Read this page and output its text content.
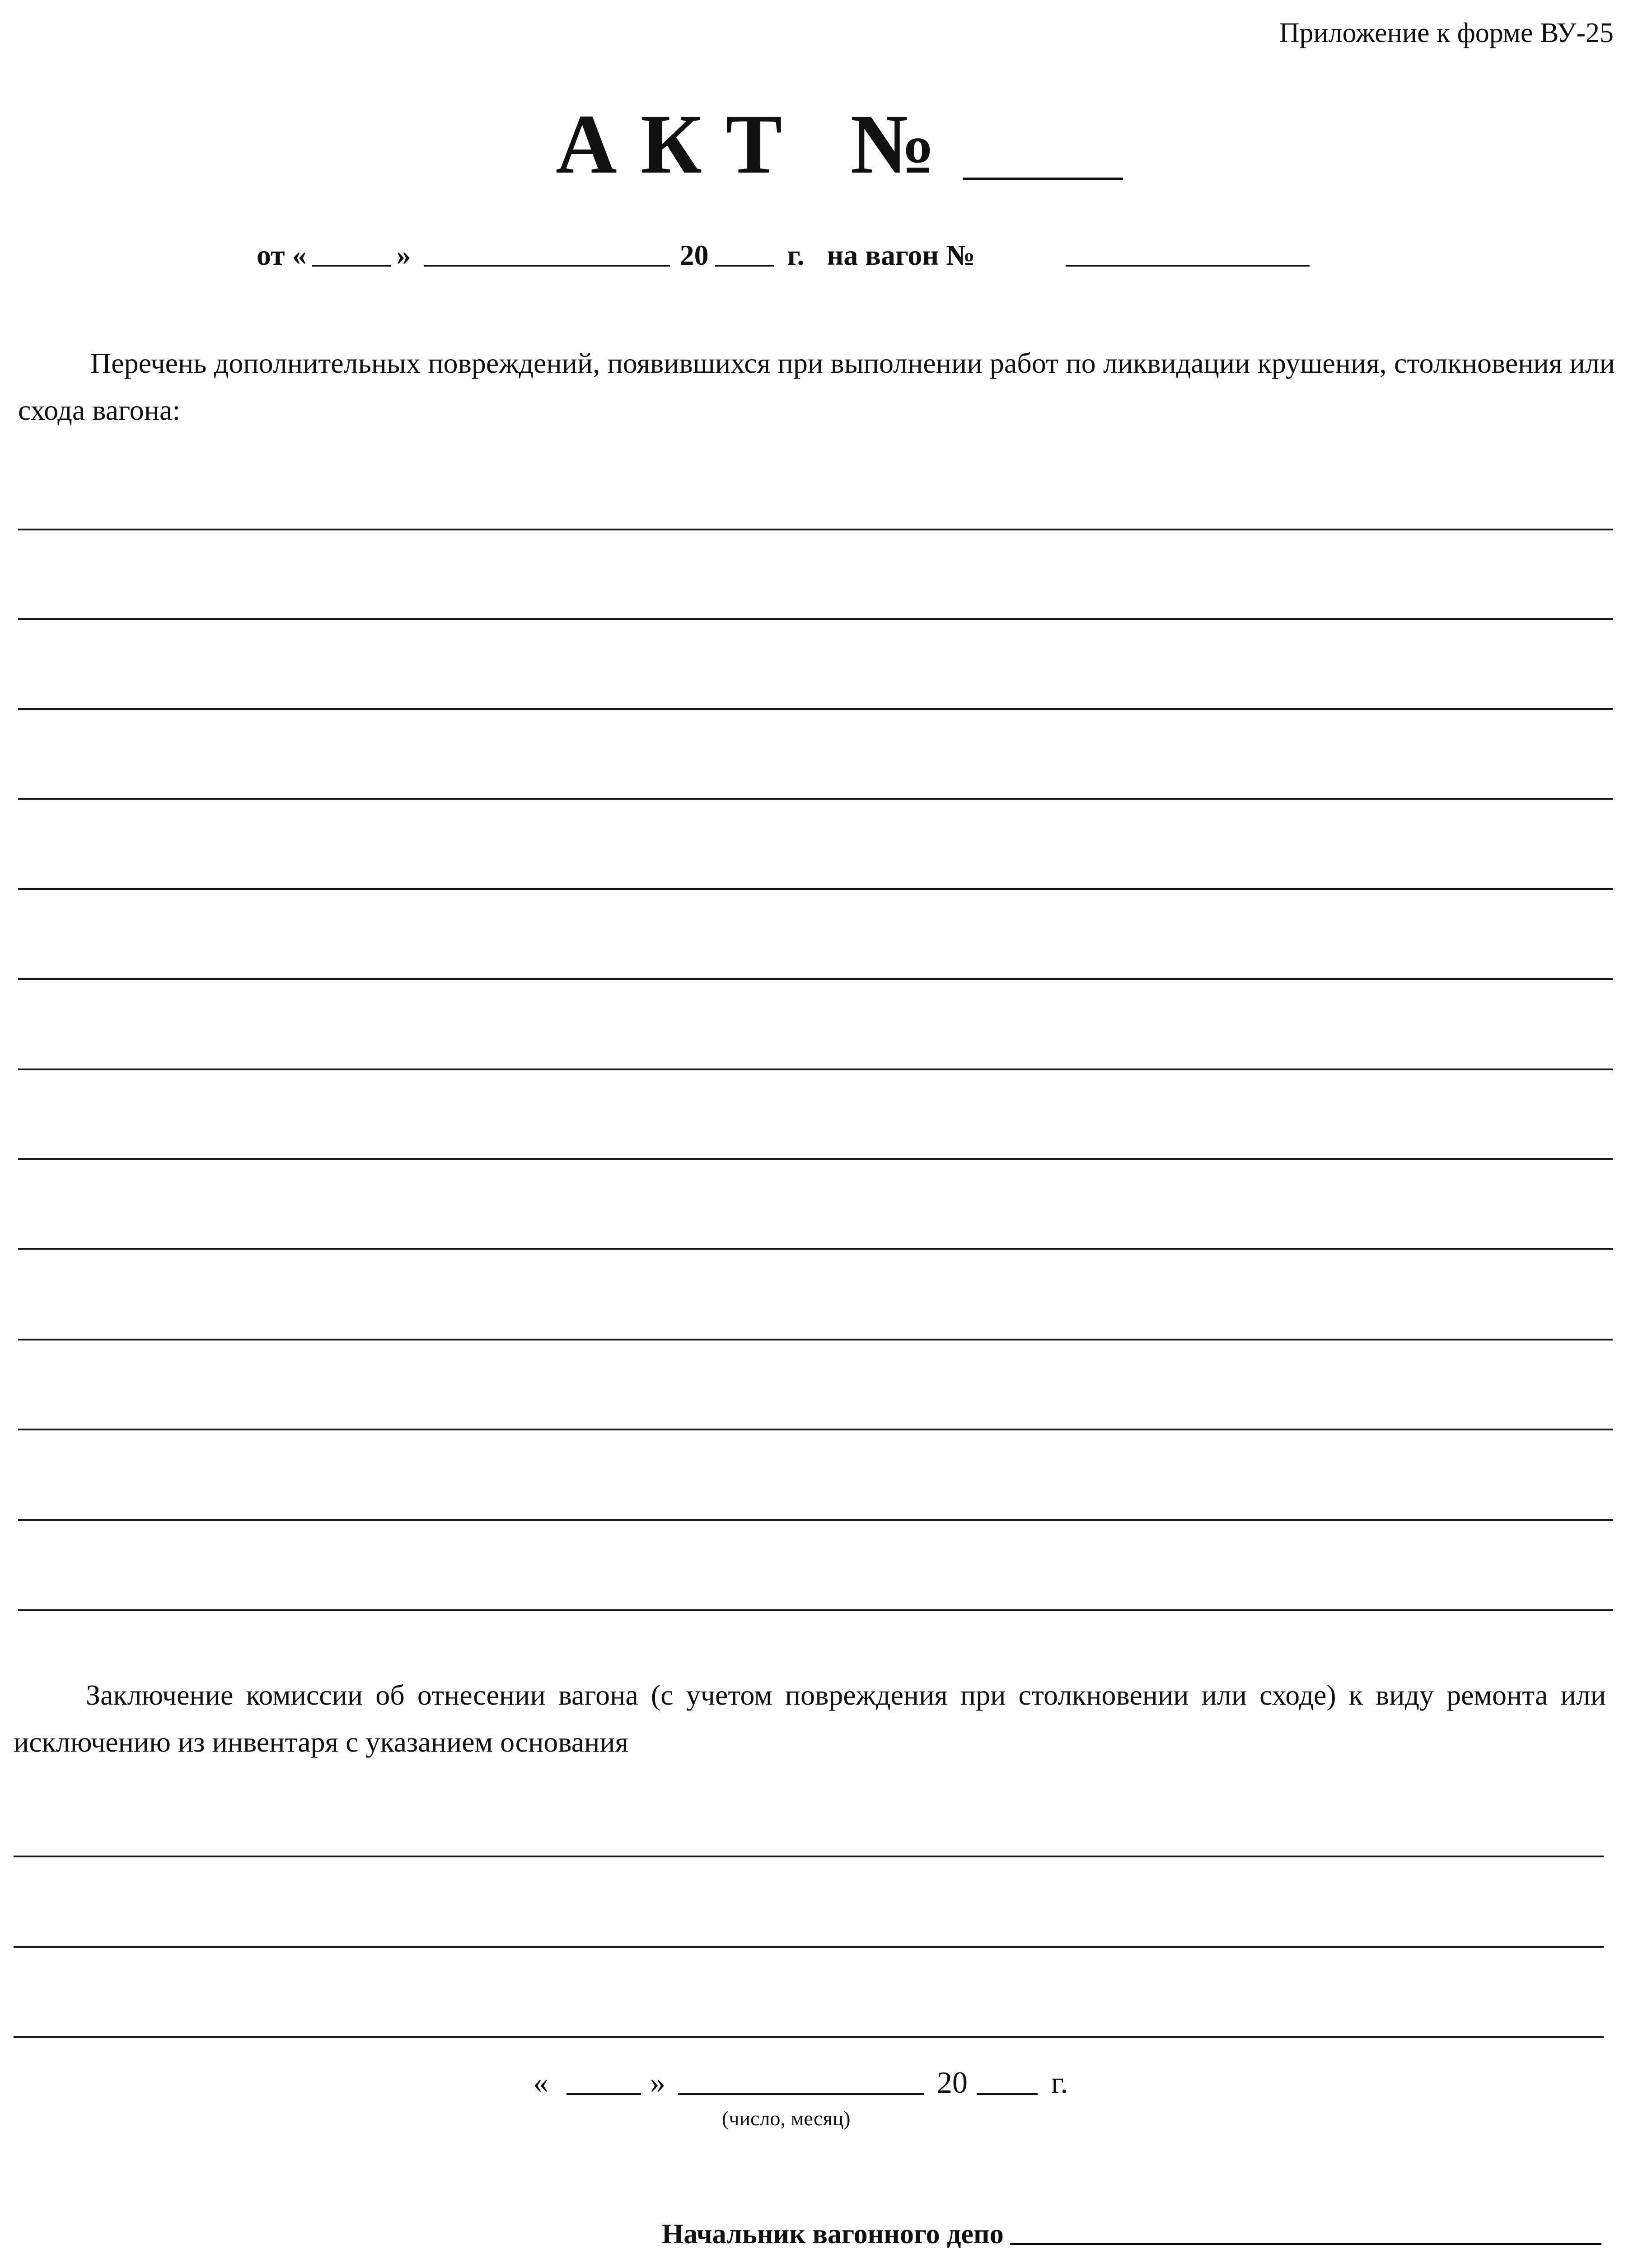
Приложение к форме ВУ-25
АКТ №
от «	»	20	г. на вагон №
Перечень дополнительных повреждений, появившихся при выполнении работ по ликвидации крушения, столкновения или схода вагона:
Заключение комиссии об отнесении вагона (с учетом повреждения при столкновении или сходе) к виду ремонта или исключению из инвентаря с указанием основания
«	»	20	г.
(число, месяц)
Начальник вагонного депо
